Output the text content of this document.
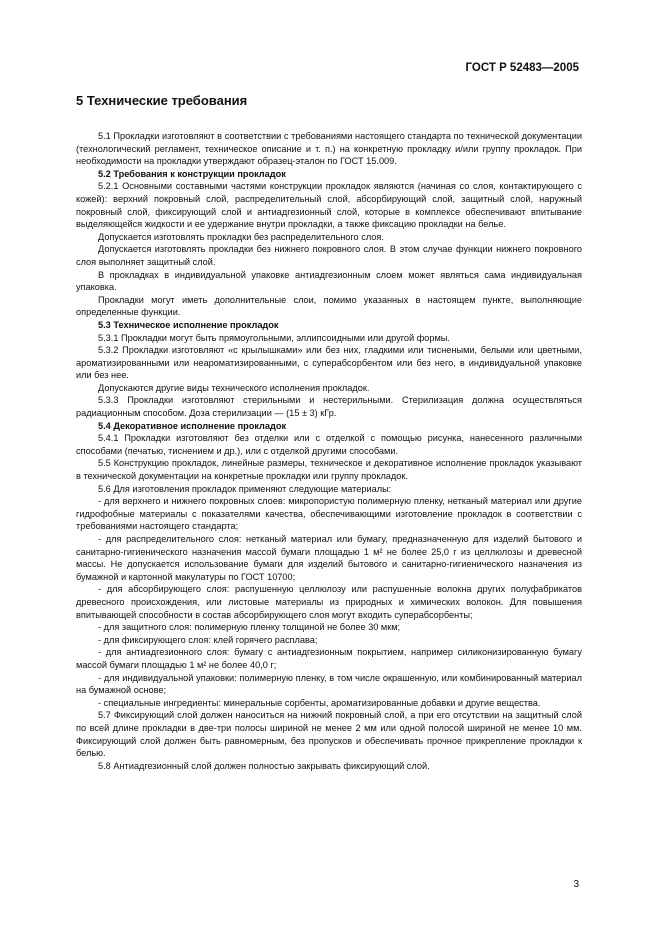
ГОСТ Р 52483—2005
5 Технические требования

5.1 Прокладки изготовляют в соответствии с требованиями настоящего стандарта по технической документации (технологический регламент, техническое описание и т. п.) на конкретную прокладку и/или группу прокладок. При необходимости на прокладки утверждают образец-эталон по ГОСТ 15.009.

5.2 Требования к конструкции прокладок

5.2.1 Основными составными частями конструкции прокладок являются (начиная со слоя, контактирующего с кожей): верхний покровный слой, распределительный слой, абсорбирующий слой, защитный слой, наружный покровный слой, фиксирующий слой и антиадгезионный слой, которые в комплексе обеспечивают впитывание выделяющейся жидкости и ее удержание внутри прокладки, а также фиксацию прокладки на белье.

Допускается изготовлять прокладки без распределительного слоя.

Допускается изготовлять прокладки без нижнего покровного слоя. В этом случае функции нижнего покровного слоя выполняет защитный слой.

В прокладках в индивидуальной упаковке антиадгезионным слоем может являться сама индивидуальная упаковка.

Прокладки могут иметь дополнительные слои, помимо указанных в настоящем пункте, выполняющие определенные функции.

5.3 Техническое исполнение прокладок

5.3.1 Прокладки могут быть прямоугольными, эллипсоидными или другой формы.

5.3.2 Прокладки изготовляют «с крылышками» или без них, гладкими или тиснеными, белыми или цветными, ароматизированными или неароматизированными, с суперабсорбентом или без него, в индивидуальной упаковке или без нее.

Допускаются другие виды технического исполнения прокладок.

5.3.3 Прокладки изготовляют стерильными и нестерильными. Стерилизация должна осуществляться радиационным способом. Доза стерилизации — (15 ± 3) кГр.

5.4 Декоративное исполнение прокладок

5.4.1 Прокладки изготовляют без отделки или с отделкой с помощью рисунка, нанесенного различными способами (печатью, тиснением и др.), или с отделкой другими способами.

5.5 Конструкцию прокладок, линейные размеры, техническое и декоративное исполнение прокладок указывают в технической документации на конкретные прокладки или группу прокладок.

5.6 Для изготовления прокладок применяют следующие материалы:

- для верхнего и нижнего покровных слоев: микропористую полимерную пленку, нетканый материал или другие гидрофобные материалы с показателями качества, обеспечивающими изготовление прокладок в соответствии с требованиями настоящего стандарта;

- для распределительного слоя: нетканый материал или бумагу, предназначенную для изделий бытового и санитарно-гигиенического назначения массой бумаги площадью 1 м² не более 25,0 г из целлюлозы и древесной массы. Не допускается использование бумаги для изделий бытового и санитарно-гигиенического назначения из бумажной и картонной макулатуры по ГОСТ 10700;

- для абсорбирующего слоя: распушенную целлюлозу или распушенные волокна других полуфабрикатов древесного происхождения, или листовые материалы из природных и химических волокон. Для повышения впитывающей способности в состав абсорбирующего слоя могут входить суперабсорбенты;

- для защитного слоя: полимерную пленку толщиной не более 30 мкм;

- для фиксирующего слоя: клей горячего расплава;

- для антиадгезионного слоя: бумагу с антиадгезионным покрытием, например силиконизированную бумагу массой бумаги площадью 1 м² не более 40,0 г;

- для индивидуальной упаковки: полимерную пленку, в том числе окрашенную, или комбинированный материал на бумажной основе;

- специальные ингредиенты: минеральные сорбенты, ароматизированные добавки и другие вещества.

5.7 Фиксирующий слой должен наноситься на нижний покровный слой, а при его отсутствии на защитный слой по всей длине прокладки в две-три полосы шириной не менее 2 мм или одной полосой шириной не менее 10 мм. Фиксирующий слой должен быть равномерным, без пропусков и обеспечивать прочное прикрепление прокладки к белью.

5.8 Антиадгезионный слой должен полностью закрывать фиксирующий слой.

3
